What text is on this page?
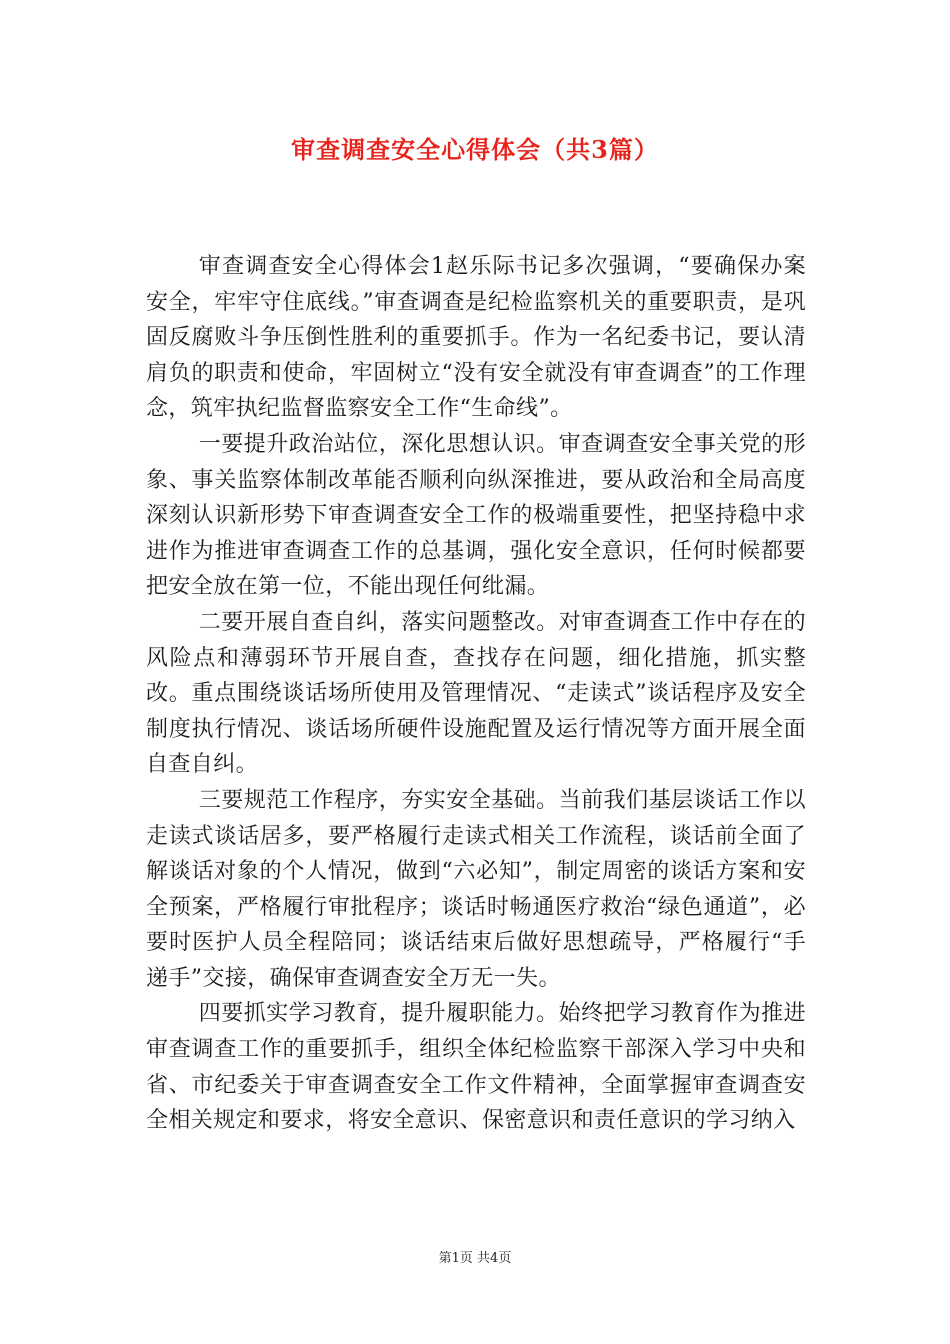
审查调查安全心得体会（共3篇）

审查调查安全心得体会1赵乐际书记多次强调，“要确保办案安全，牢牢守住底线。”审查调查是纪检监察机关的重要职责，是巩固反腐败斗争压倒性胜利的重要抓手。作为一名纪委书记，要认清肩负的职责和使命，牢固树立“没有安全就没有审查调查”的工作理念，筑牢执纪监督监察安全工作“生命线”。

一要提升政治站位，深化思想认识。审查调查安全事关党的形象、事关监察体制改革能否顺利向纵深推进，要从政治和全局高度深刻认识新形势下审查调查安全工作的极端重要性，把坚持稳中求进作为推进审查调查工作的总基调，强化安全意识，任何时候都要把安全放在第一位，不能出现任何纰漏。

二要开展自查自纠，落实问题整改。对审查调查工作中存在的风险点和薄弱环节开展自查，查找存在问题，细化措施，抓实整改。重点围绕谈话场所使用及管理情况、“走读式”谈话程序及安全制度执行情况、谈话场所硬件设施配置及运行情况等方面开展全面自查自纠。

三要规范工作程序，夯实安全基础。当前我们基层谈话工作以走读式谈话居多，要严格履行走读式相关工作流程，谈话前全面了解谈话对象的个人情况，做到“六必知”，制定周密的谈话方案和安全预案，严格履行审批程序；谈话时畅通医疗救治“绿色通道”，必要时医护人员全程陪同；谈话结束后做好思想疏导，严格履行“手递手”交接，确保审查调查安全万无一失。

四要抓实学习教育，提升履职能力。始终把学习教育作为推进审查调查工作的重要抓手，组织全体纪检监察干部深入学习中央和省、市纪委关于审查调查安全工作文件精神，全面掌握审查调查安全相关规定和要求，将安全意识、保密意识和责任意识的学习纳入

第1页 共4页
